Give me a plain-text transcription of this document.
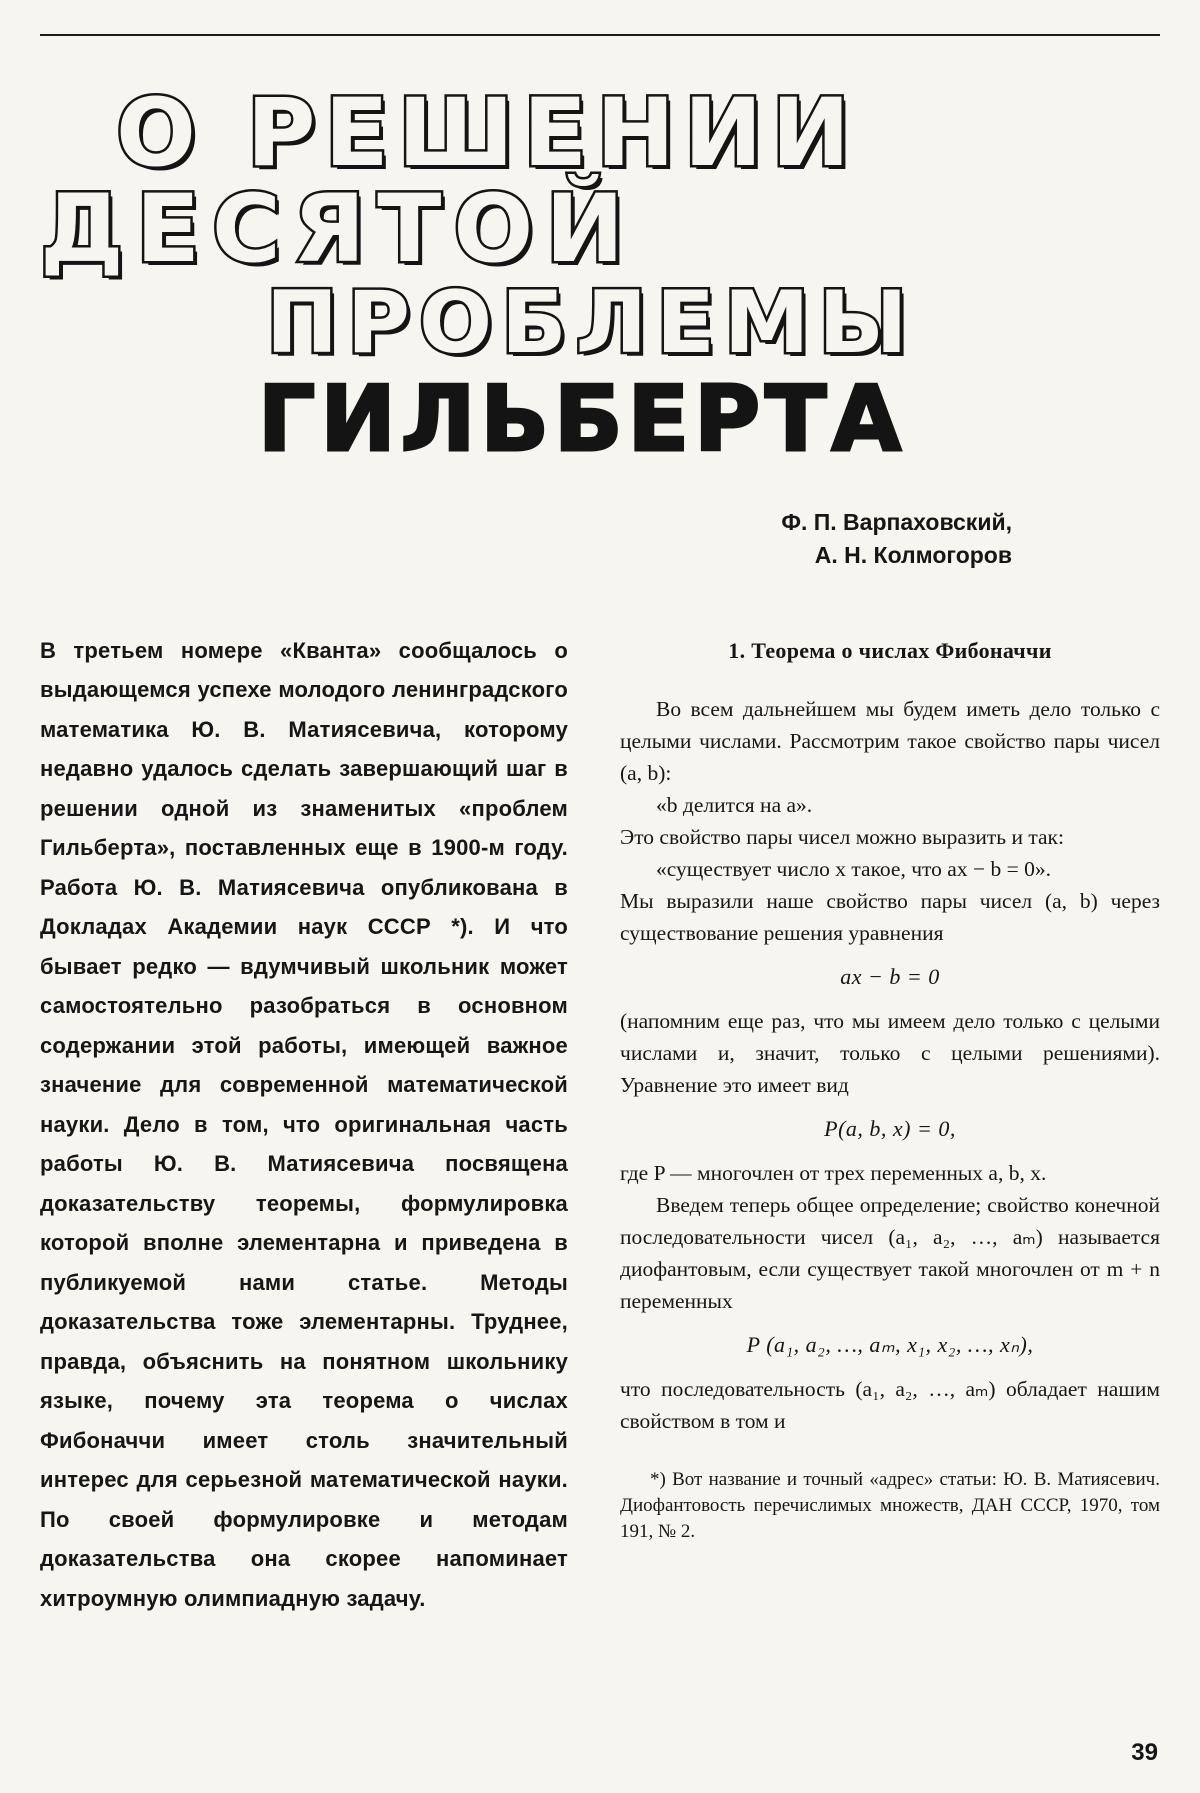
О РЕШЕНИИ
ДЕСЯТОЙ
ПРОБЛЕМЫ
ГИЛЬБЕРТА
Ф. П. Варпаховский,
А. Н. Колмогоров

В третьем номере «Кванта» сообщалось о выдающемся успехе молодого ленинградского математика Ю. В. Матиясевича, которому недавно удалось сделать завершающий шаг в решении одной из знаменитых «проблем Гильберта», поставленных еще в 1900-м году. Работа Ю. В. Матиясевича опубликована в Докладах Академии наук СССР *). И что бывает редко — вдумчивый школьник может самостоятельно разобраться в основном содержании этой работы, имеющей важное значение для современной математической науки. Дело в том, что оригинальная часть работы Ю. В. Матиясевича посвящена доказательству теоремы, формулировка которой вполне элементарна и приведена в публикуемой нами статье. Методы доказательства тоже элементарны. Труднее, правда, объяснить на понятном школьнику языке, почему эта теорема о числах Фибоначчи имеет столь значительный интерес для серьезной математической науки. По своей формулировке и методам доказательства она скорее напоминает хитроумную олимпиадную задачу.

1. Теорема о числах Фибоначчи

Во всем дальнейшем мы будем иметь дело только с целыми числами. Рассмотрим такое свойство пары чисел (a, b):

«b делится на a».

Это свойство пары чисел можно выразить и так:

«существует число x такое, что ax − b = 0».

Мы выразили наше свойство пары чисел (a, b) через существование решения уравнения

ax − b = 0

(напомним еще раз, что мы имеем дело только с целыми числами и, значит, только с целыми решениями). Уравнение это имеет вид

P(a, b, x) = 0,

где P — многочлен от трех переменных a, b, x.

Введем теперь общее определение; свойство конечной последовательности чисел (a₁, a₂, …, aₘ) называется диофантовым, если существует такой многочлен от m + n переменных

P (a₁, a₂, …, aₘ, x₁, x₂, …, xₙ),

что последовательность (a₁, a₂, …, aₘ) обладает нашим свойством в том и

*) Вот название и точный «адрес» статьи: Ю. В. Матиясевич. Диофантовость перечислимых множеств, ДАН СССР, 1970, том 191, № 2.

39
